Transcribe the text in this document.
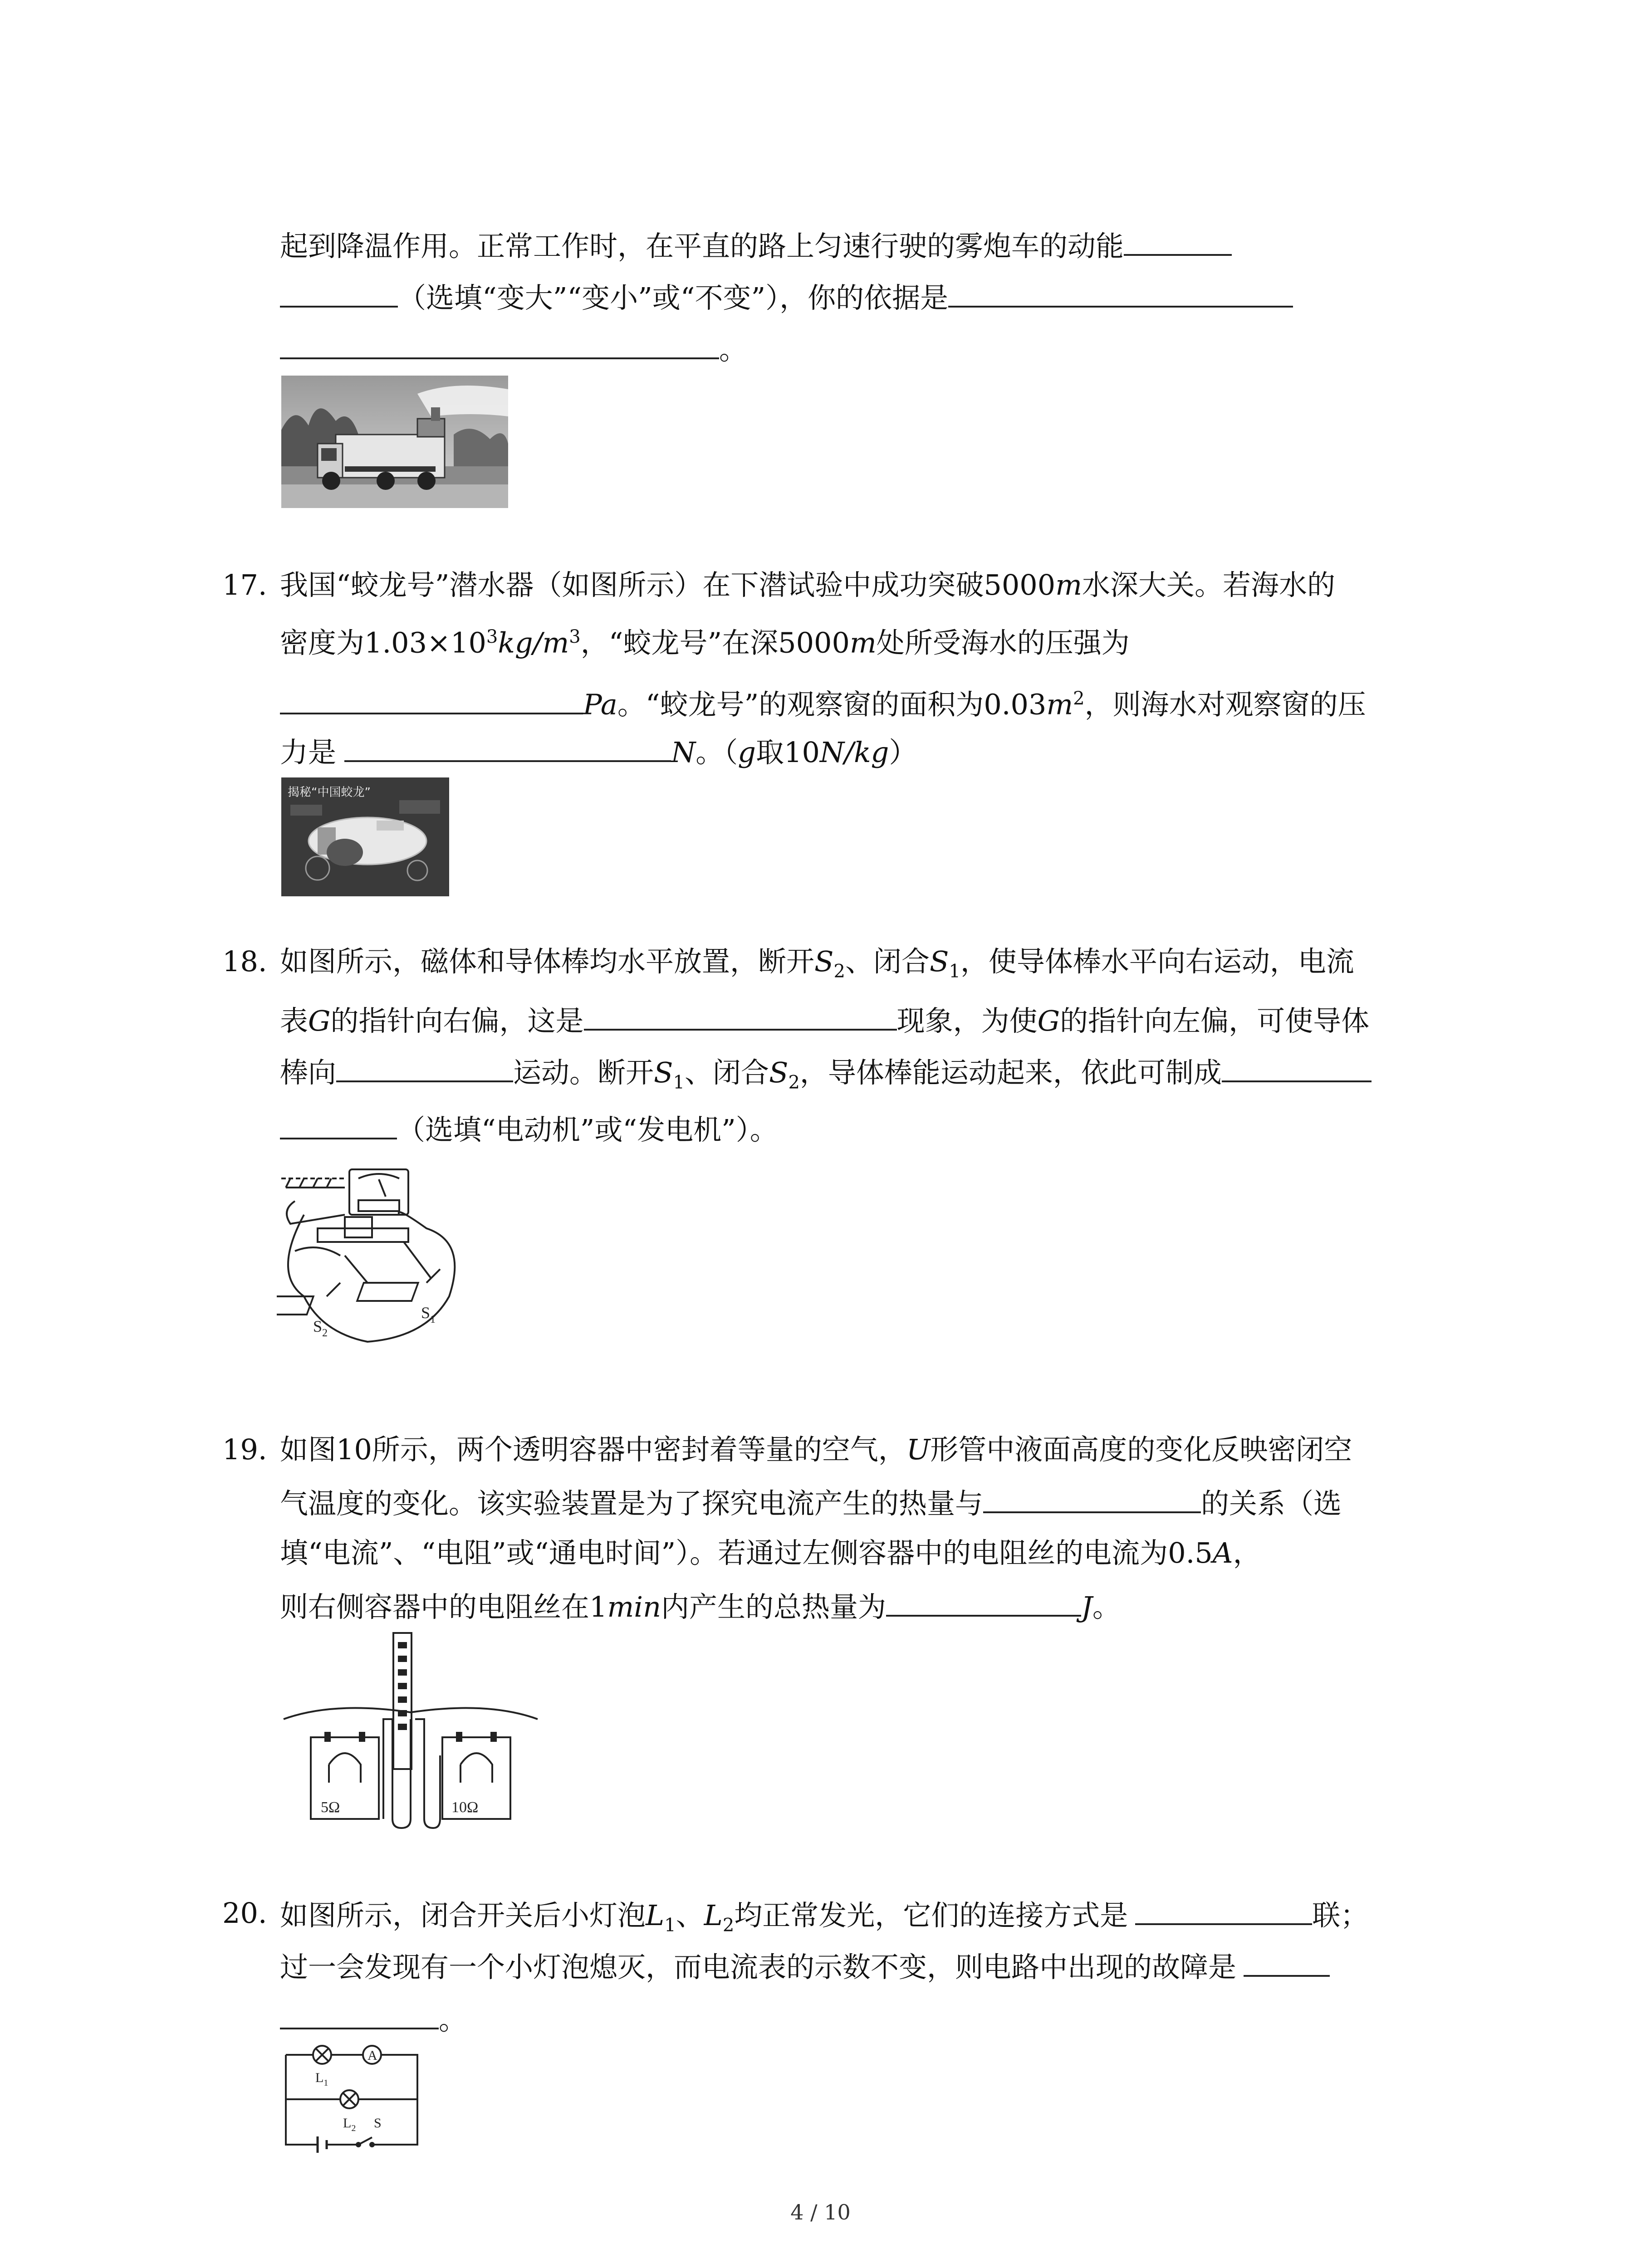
起到降温作用。正常工作时，在平直的路上匀速行驶的雾炮车的动能
（选填“变大”“变小”或“不变”），你的依据是
。
17. 我国“蛟龙号”潜水器（如图所示）在下潜试验中成功突破5000m水深大关。若海水的
密度为$1.03\times 10^3kg/m^3$，“蛟龙号”在深5000m处所受海水的压强为
Pa。“蛟龙号”的观察窗的面积为$0.03m^2$，则海水对观察窗的压
力是	N。（g取10N/kg）
揭秘“中国蛟龙”
18. 如图所示，磁体和导体棒均水平放置，断开$S_2$、闭合$S_1$，使导体棒水平向右运动，电流
表G的指针向右偏，这是	现象，为使G的指针向左偏，可使导体
棒向	运动。断开$S_1$、闭合$S_2$，导体棒能运动起来，依此可制成
（选填“电动机”或“发电机”）。
$S_2$
$S_1$
19. 如图10所示，两个透明容器中密封着等量的空气，U形管中液面高度的变化反映密闭空
气温度的变化。该实验装置是为了探究电流产生的热量与	的关系（选
填“电流”、“电阻”或“通电时间”）。若通过左侧容器中的电阻丝的电流为0.5A，
则右侧容器中的电阻丝在1min内产生的总热量为	J。
5Ω	10Ω
20. 如图所示，闭合开关后小灯泡$L_1$、$L_2$均正常发光，它们的连接方式是	联；
过一会发现有一个小灯泡熄灭，而电流表的示数不变，则电路中出现的故障是
。
A
$L_1$
$L_2$ S
4 / 10
